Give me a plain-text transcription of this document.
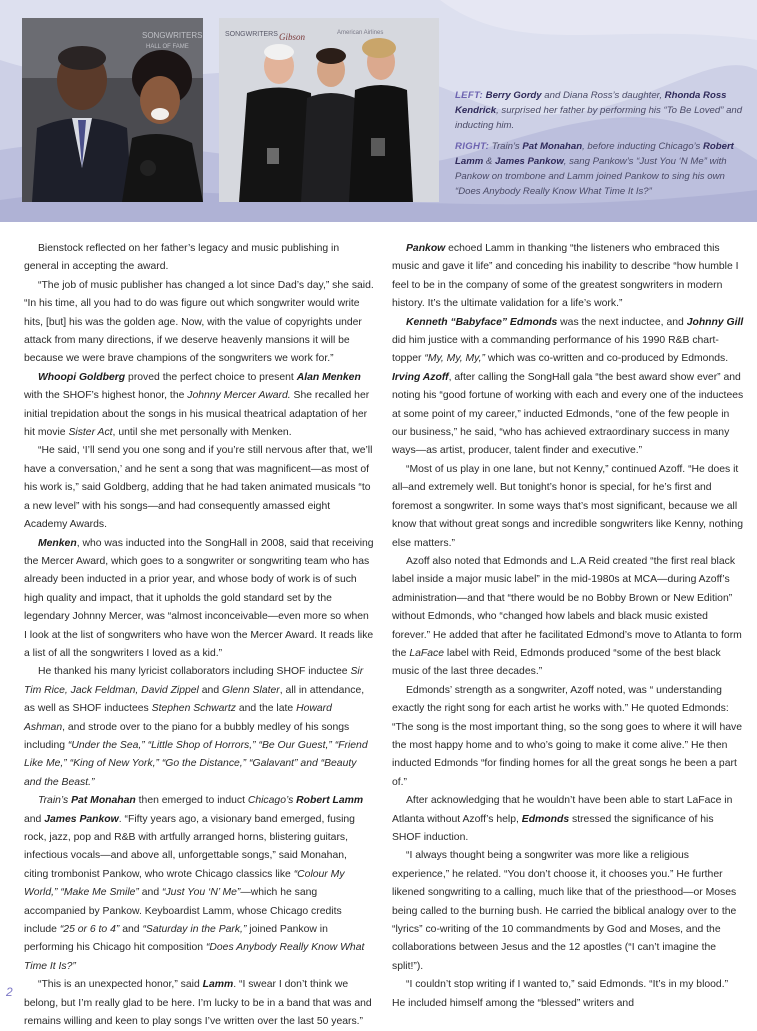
SONGWRITERS
HALL OF FAME
SONGWRITERS Gibson	American Airlines

LEFT: Berry Gordy and Diana Ross’s daughter, Rhonda Ross Kendrick, surprised her father by performing his “To Be Loved” and inducting him.

RIGHT: Train’s Pat Monahan, before inducting Chicago’s Robert Lamm & James Pankow, sang Pankow’s “Just You ‘N Me” with Pankow on trombone and Lamm joined Pankow to sing his own “Does Anybody Really Know What Time It Is?”

Bienstock reflected on her father’s legacy and music publishing in general in accepting the award.

“The job of music publisher has changed a lot since Dad’s day,” she said. “In his time, all you had to do was figure out which songwriter would write hits, [but] his was the golden age. Now, with the value of copyrights under attack from many directions, if we deserve heavenly mansions it will be because we were brave champions of the songwriters we work for.”

Whoopi Goldberg proved the perfect choice to present Alan Menken with the SHOF’s highest honor, the Johnny Mercer Award. She recalled her initial trepidation about the songs in his musical theatrical adaptation of her hit movie Sister Act, until she met personally with Menken.

“He said, ‘I’ll send you one song and if you’re still nervous after that, we’ll have a conversation,’ and he sent a song that was magnificent—as most of his work is,” said Goldberg, adding that he had taken animated musicals “to a new level” with his songs—and had consequently amassed eight Academy Awards.

Menken, who was inducted into the SongHall in 2008, said that receiving the Mercer Award, which goes to a songwriter or songwriting team who has already been inducted in a prior year, and whose body of work is of such high quality and impact, that it upholds the gold standard set by the legendary Johnny Mercer, was “almost inconceivable—even more so when I look at the list of songwriters who have won the Mercer Award. It reads like a list of all the songwriters I loved as a kid.”

He thanked his many lyricist collaborators including SHOF inductee Sir Tim Rice, Jack Feldman, David Zippel and Glenn Slater, all in attendance, as well as SHOF inductees Stephen Schwartz and the late Howard Ashman, and strode over to the piano for a bubbly medley of his songs including “Under the Sea,” “Little Shop of Horrors,” “Be Our Guest,” “Friend Like Me,” “King of New York,” “Go the Distance,” “Galavant” and “Beauty and the Beast.”

Train’s Pat Monahan then emerged to induct Chicago’s Robert Lamm and James Pankow. “Fifty years ago, a visionary band emerged, fusing rock, jazz, pop and R&B with artfully arranged horns, blistering guitars, infectious vocals—and above all, unforgettable songs,” said Monahan, citing trombonist Pankow, who wrote Chicago classics like “Colour My World,” “Make Me Smile” and “Just You ‘N’ Me”—which he sang accompanied by Pankow. Keyboardist Lamm, whose Chicago credits include “25 or 6 to 4” and “Saturday in the Park,” joined Pankow in performing his Chicago hit composition “Does Anybody Really Know What Time It Is?”

“This is an unexpected honor,” said Lamm. “I swear I don’t think we belong, but I’m really glad to be here. I’m lucky to be in a band that was and remains willing and keen to play songs I’ve written over the last 50 years.”

Pankow echoed Lamm in thanking “the listeners who embraced this music and gave it life” and conceding his inability to describe “how humble I feel to be in the company of some of the greatest songwriters in modern history. It’s the ultimate validation for a life’s work.”

Kenneth “Babyface” Edmonds was the next inductee, and Johnny Gill did him justice with a commanding performance of his 1990 R&B chart-topper “My, My, My,” which was co-written and co-produced by Edmonds. Irving Azoff, after calling the SongHall gala “the best award show ever” and noting his “good fortune of working with each and every one of the inductees at some point of my career,” inducted Edmonds, “one of the few people in our business,” he said, “who has achieved extraordinary success in many ways—as artist, producer, talent finder and executive.”

“Most of us play in one lane, but not Kenny,” continued Azoff. “He does it all–and extremely well. But tonight’s honor is special, for he’s first and foremost a songwriter. In some ways that’s most significant, because we all know that without great songs and incredible songwriters like Kenny, nothing else matters.”

Azoff also noted that Edmonds and L.A Reid created “the first real black label inside a major music label” in the mid-1980s at MCA—during Azoff’s administration—and that “there would be no Bobby Brown or New Edition” without Edmonds, who “changed how labels and black music existed forever.” He added that after he facilitated Edmond’s move to Atlanta to form the LaFace label with Reid, Edmonds produced “some of the best black music of the last three decades.”

Edmonds’ strength as a songwriter, Azoff noted, was “ understanding exactly the right song for each artist he works with.” He quoted Edmonds: “The song is the most important thing, so the song goes to where it will have the most happy home and to who’s going to make it come alive.” He then inducted Edmonds “for finding homes for all the great songs he been a part of.”

After acknowledging that he wouldn’t have been able to start LaFace in Atlanta without Azoff’s help, Edmonds stressed the significance of his SHOF induction.

“I always thought being a songwriter was more like a religious experience,” he related. “You don’t choose it, it chooses you.” He further likened songwriting to a calling, much like that of the priesthood—or Moses being called to the burning bush. He carried the biblical analogy over to the “lyrics” co-writing of the 10 commandments by God and Moses, and the collaborations between Jesus and the 12 apostles (“I can’t imagine the split!”).

“I couldn’t stop writing if I wanted to,” said Edmonds. “It’s in my blood.” He included himself among the “blessed” writers and

2
